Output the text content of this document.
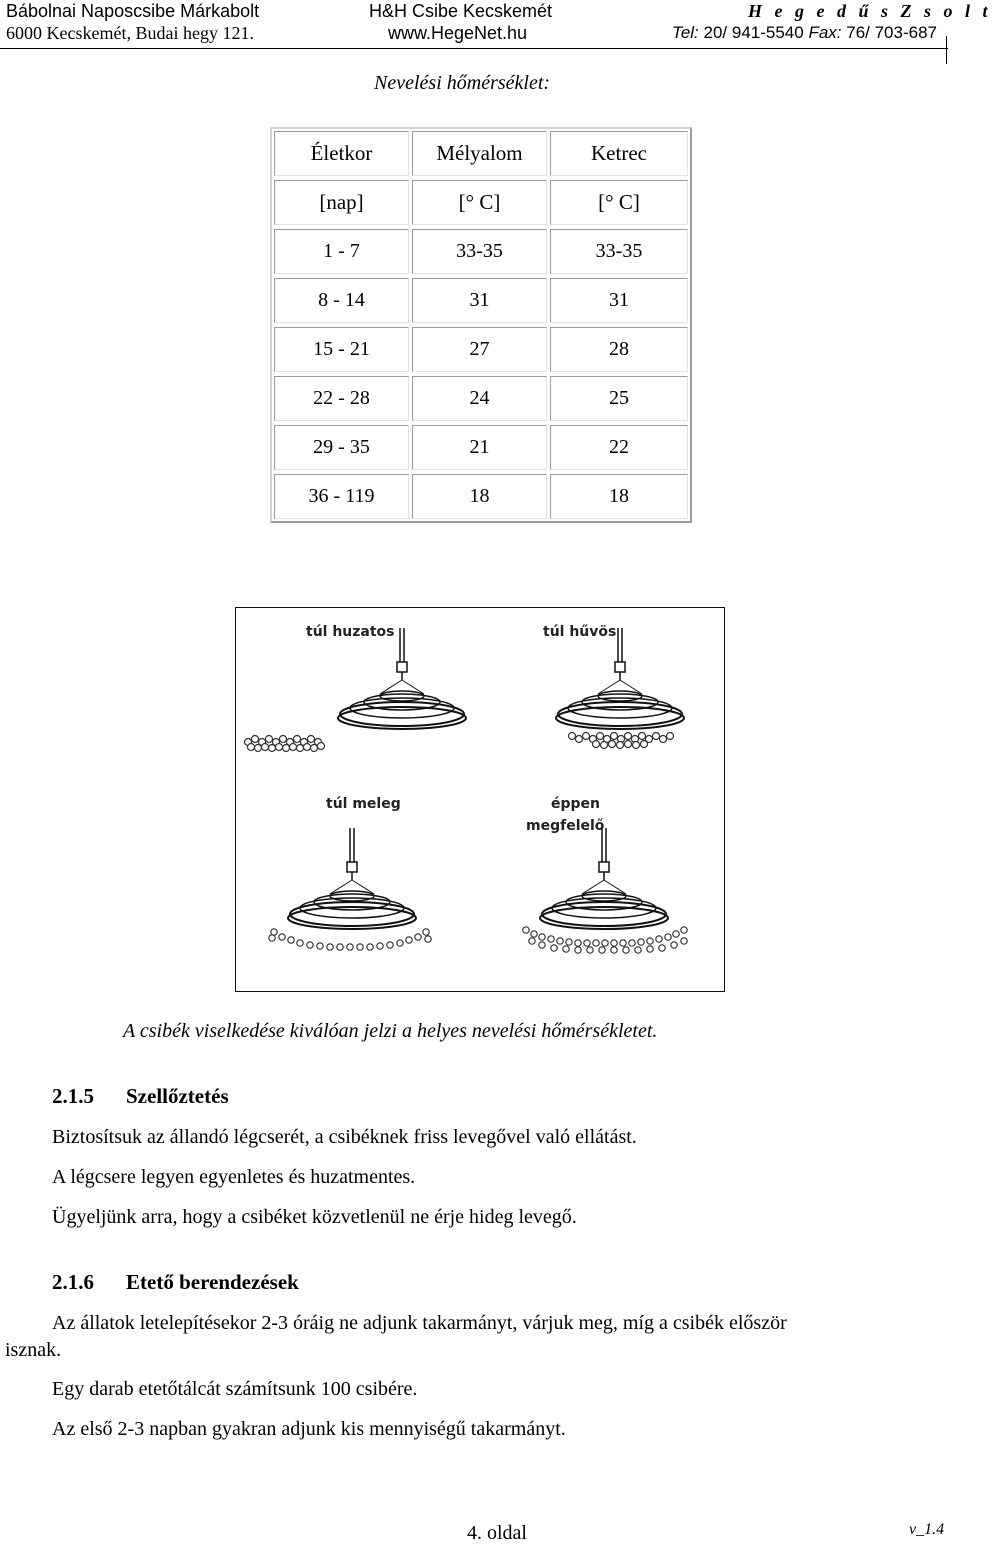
Bábolnai Naposcsibe Márkabolt
6000 Kecskemét, Budai hegy 121.
H&H Csibe Kecskemét
www.HegeNet.hu
H e g e d ű s Z s o l t
Tel: 20/ 941-5540 Fax: 76/ 703-687
Nevelési hőmérséklet:
Életkor	Mélyalom	Ketrec
[nap]	[° C]	[° C]
1 - 7	33-35	33-35
8 - 14	31	31
15 - 21	27	28
22 - 28	24	25
29 - 35	21	22
36 - 119	18	18
túl huzatos	túl hűvös
túl meleg	éppen
megfelelő
A csibék viselkedése kiválóan jelzi a helyes nevelési hőmérsékletet.
2.1.5 Szellőztetés
Biztosítsuk az állandó légcserét, a csibéknek friss levegővel való ellátást.
A légcsere legyen egyenletes és huzatmentes.
Ügyeljünk arra, hogy a csibéket közvetlenül ne érje hideg levegő.
2.1.6 Etető berendezések
Az állatok letelepítésekor 2-3 óráig ne adjunk takarmányt, várjuk meg, míg a csibék először
isznak.
Egy darab etetőtálcát számítsunk 100 csibére.
Az első 2-3 napban gyakran adjunk kis mennyiségű takarmányt.
4. oldal	v_1.4
